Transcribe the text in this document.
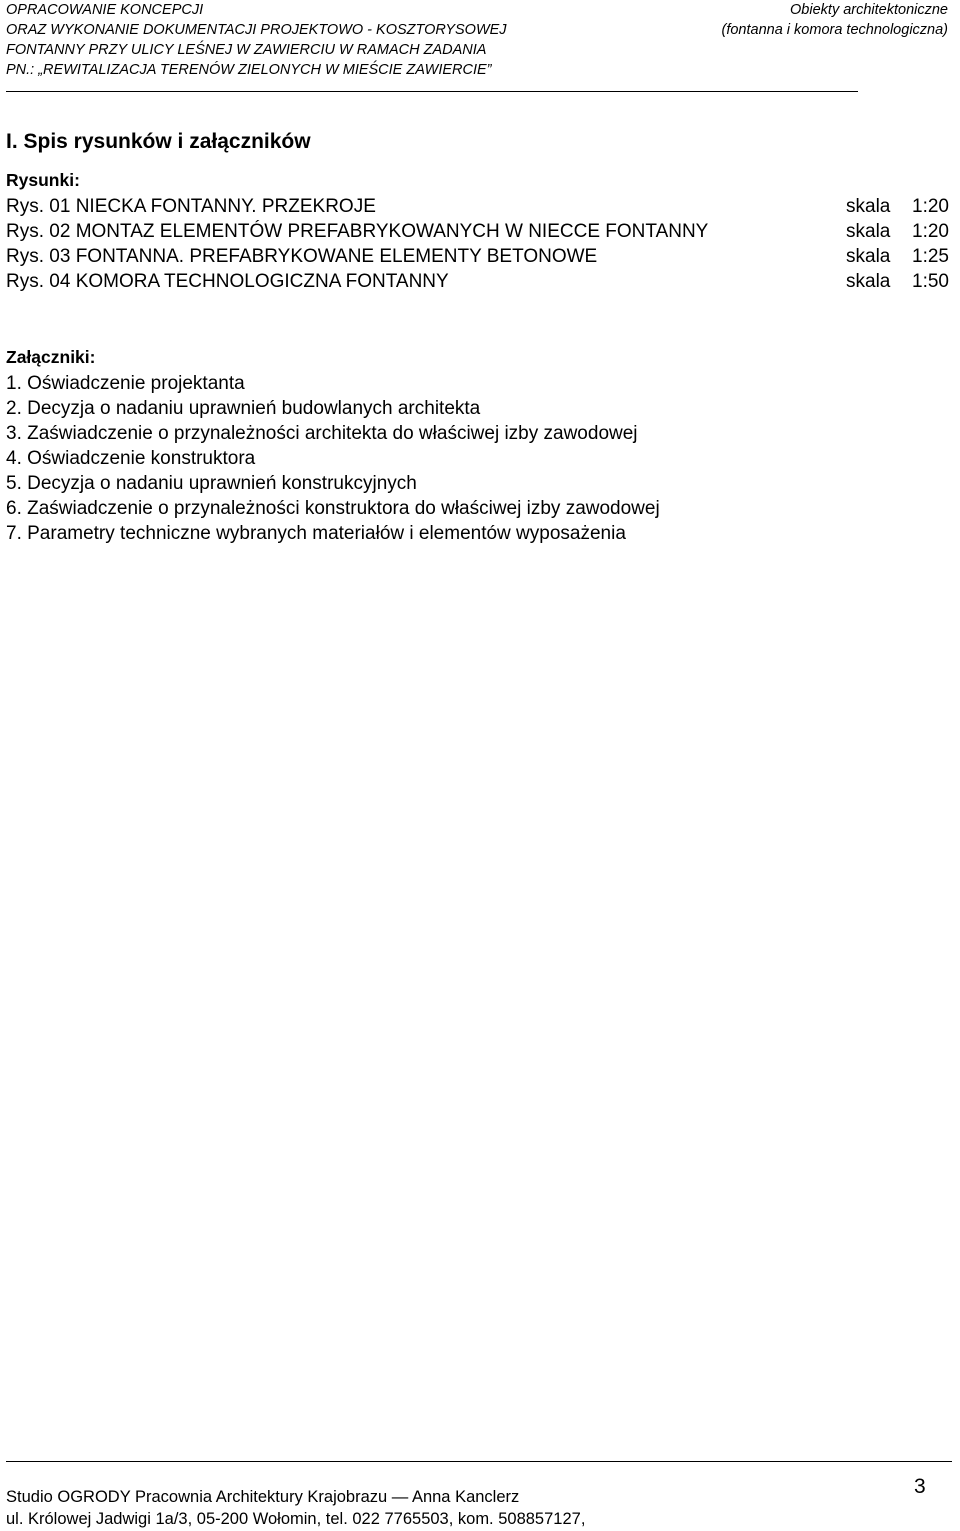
OPRACOWANIE KONCEPCJI
ORAZ WYKONANIE DOKUMENTACJI PROJEKTOWO - KOSZTORYSOWEJ
FONTANNY PRZY ULICY LEŚNEJ W ZAWIERCIU W RAMACH ZADANIA
PN.: „REWITALIZACJA TERENÓW ZIELONYCH W MIEŚCIE ZAWIERCIE”
Obiekty architektoniczne
(fontanna i komora technologiczna)
I. Spis rysunków i załączników
Rysunki:
Rys. 01 NIECKA FONTANNY. PRZEKROJE	skala 1:20
Rys. 02 MONTAZ ELEMENTÓW PREFABRYKOWANYCH W NIECCE FONTANNY	skala 1:20
Rys. 03 FONTANNA. PREFABRYKOWANE ELEMENTY BETONOWE	skala 1:25
Rys. 04 KOMORA TECHNOLOGICZNA FONTANNY	skala 1:50
Załączniki:
1. Oświadczenie projektanta
2. Decyzja o nadaniu uprawnień budowlanych architekta
3. Zaświadczenie o przynależności architekta do właściwej izby zawodowej
4. Oświadczenie konstruktora
5. Decyzja o nadaniu uprawnień konstrukcyjnych
6. Zaświadczenie o przynależności konstruktora do właściwej izby zawodowej
7. Parametry techniczne wybranych materiałów i elementów wyposażenia
Studio OGRODY Pracownia Architektury Krajobrazu — Anna Kanclerz
ul. Królowej Jadwigi 1a/3, 05-200 Wołomin, tel. 022 7765503, kom. 508857127,
3
